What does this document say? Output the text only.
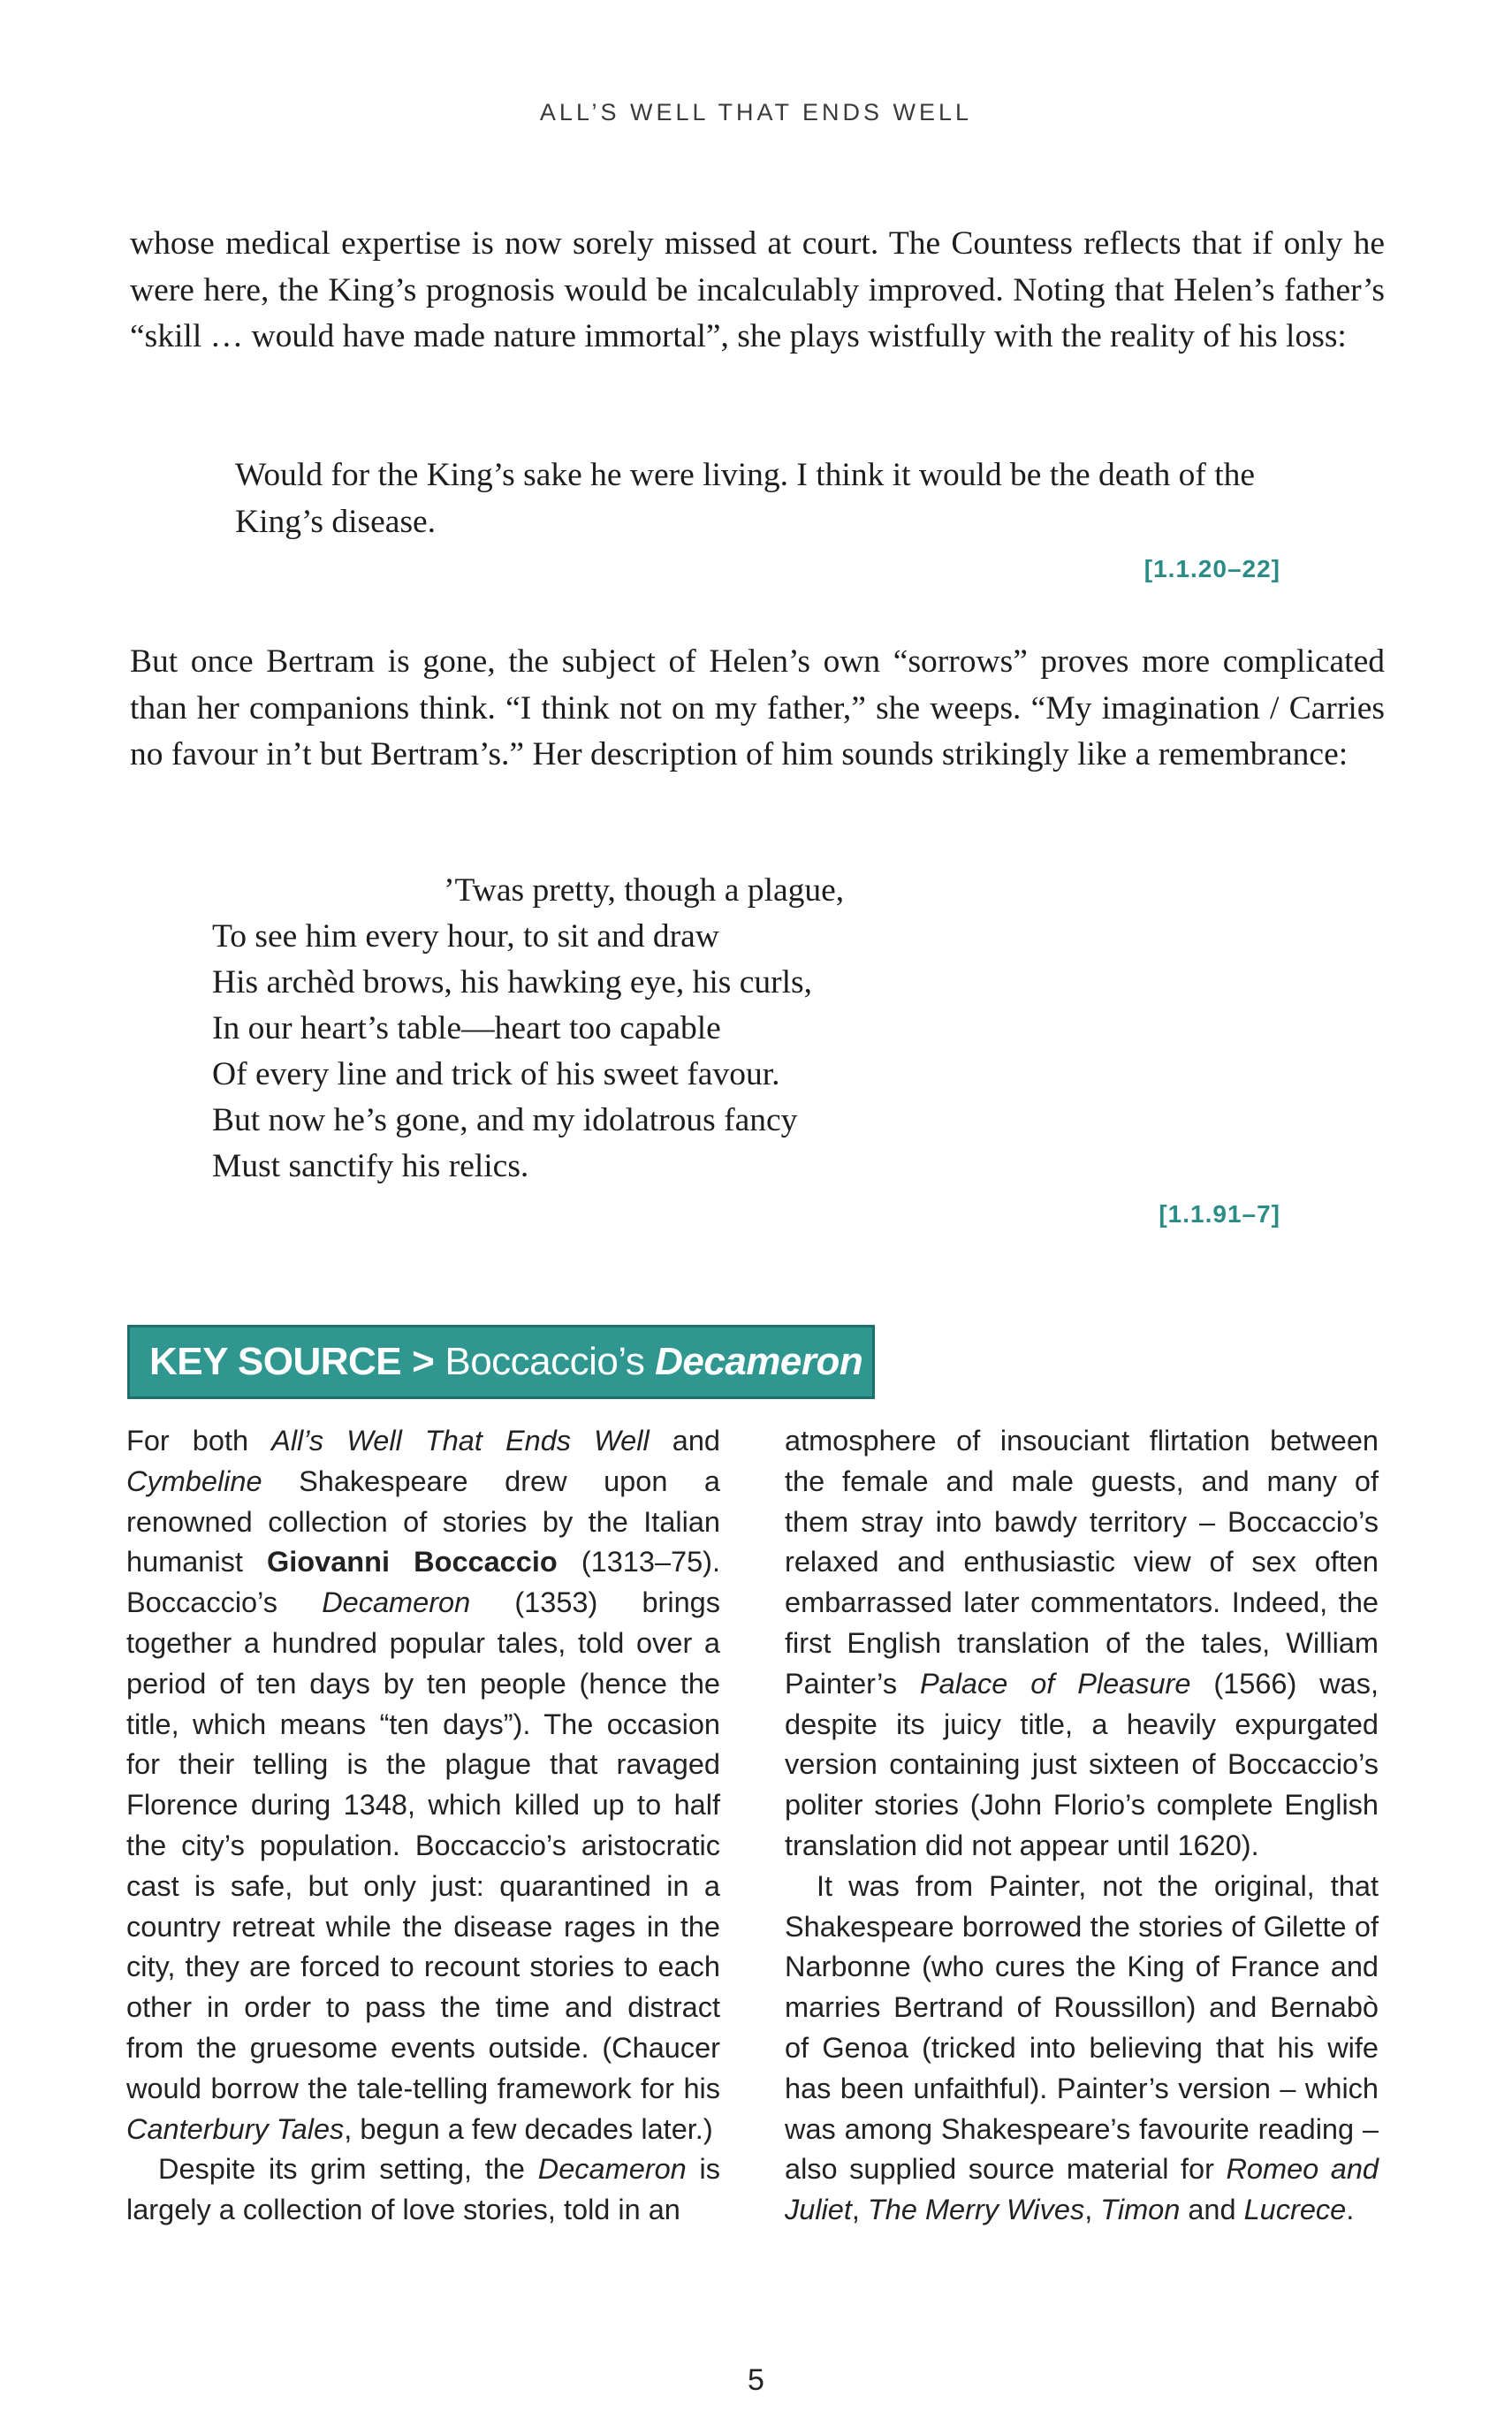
ALL’S WELL THAT ENDS WELL

whose medical expertise is now sorely missed at court. The Countess reflects that if only he were here, the King’s prognosis would be incalculably improved. Noting that Helen’s father’s “skill … would have made nature immortal”, she plays wistfully with the reality of his loss:

Would for the King’s sake he were living. I think it would be the death of the King’s disease.

[1.1.20–22]

But once Bertram is gone, the subject of Helen’s own “sorrows” proves more complicated than her companions think. “I think not on my father,” she weeps. “My imagination / Carries no favour in’t but Bertram’s.” Her description of him sounds strikingly like a remembrance:

’Twas pretty, though a plague,
To see him every hour, to sit and draw
His archèd brows, his hawking eye, his curls,
In our heart’s table—heart too capable
Of every line and trick of his sweet favour.
But now he’s gone, and my idolatrous fancy
Must sanctify his relics.
[1.1.91–7]
KEY SOURCE > Boccaccio’s
Decameron

For both All’s Well That Ends Well and Cymbeline Shakespeare drew upon a renowned collection of stories by the Italian humanist Giovanni Boccaccio (1313–75). Boccaccio’s Decameron (1353) brings together a hundred popular tales, told over a period of ten days by ten people (hence the title, which means “ten days”). The occasion for their telling is the plague that ravaged Florence during 1348, which killed up to half the city’s population. Boccaccio’s aristocratic cast is safe, but only just: quarantined in a country retreat while the disease rages in the city, they are forced to recount stories to each other in order to pass the time and distract from the gruesome events outside. (Chaucer would borrow the tale-telling framework for his Canterbury Tales, begun a few decades later.)

Despite its grim setting, the Decameron is largely a collection of love stories, told in an

atmosphere of insouciant flirtation between the female and male guests, and many of them stray into bawdy territory – Boccaccio’s relaxed and enthusiastic view of sex often embarrassed later commentators. Indeed, the first English translation of the tales, William Painter’s Palace of Pleasure (1566) was, despite its juicy title, a heavily expurgated version containing just sixteen of Boccaccio’s politer stories (John Florio’s complete English translation did not appear until 1620).

It was from Painter, not the original, that Shakespeare borrowed the stories of Gilette of Narbonne (who cures the King of France and marries Bertrand of Roussillon) and Bernabò of Genoa (tricked into believing that his wife has been unfaithful). Painter’s version – which was among Shakespeare’s favourite reading – also supplied source material for Romeo and Juliet, The Merry Wives, Timon and Lucrece.

5
